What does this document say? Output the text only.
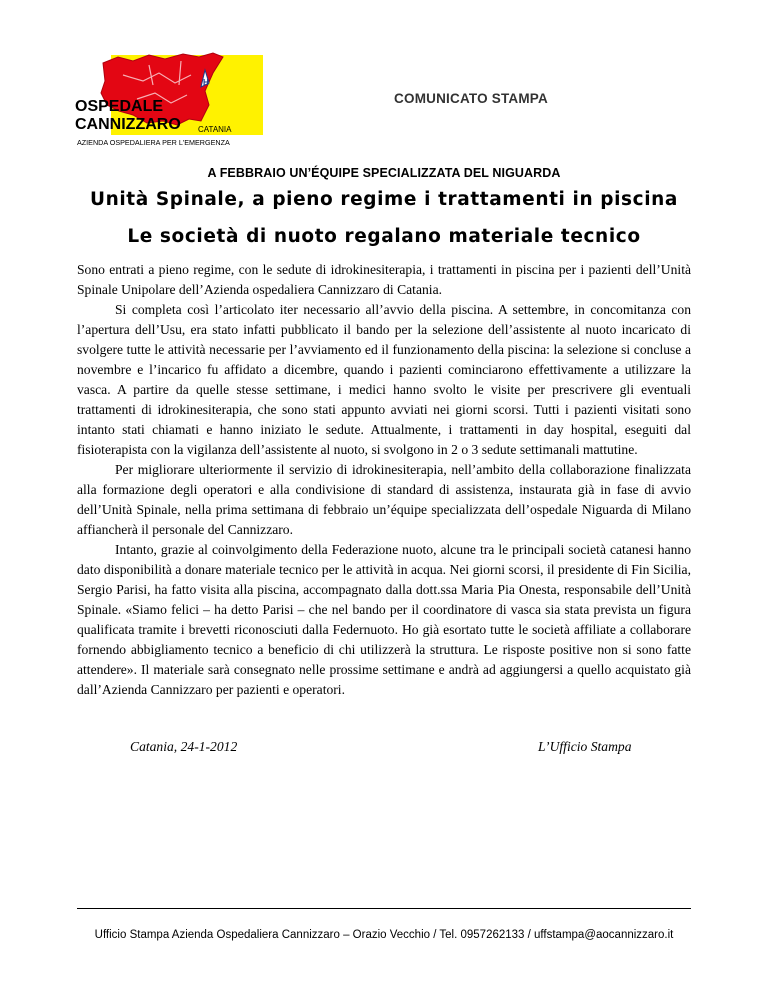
H
OSPEDALE
CANNIZZARO CATANIA
AZIENDA OSPEDALIERA PER L'EMERGENZA
COMUNICATO STAMPA
A FEBBRAIO UN’ÉQUIPE SPECIALIZZATA DEL NIGUARDA
Unità Spinale, a pieno regime i trattamenti in piscina
Le società di nuoto regalano materiale tecnico

Sono entrati a pieno regime, con le sedute di idrokinesiterapia, i trattamenti in piscina per i pazienti dell’Unità Spinale Unipolare dell’Azienda ospedaliera Cannizzaro di Catania.

Si completa così l’articolato iter necessario all’avvio della piscina. A settembre, in concomitanza con l’apertura dell’Usu, era stato infatti pubblicato il bando per la selezione dell’assistente al nuoto incaricato di svolgere tutte le attività necessarie per l’avviamento ed il funzionamento della piscina: la selezione si concluse a novembre e l’incarico fu affidato a dicembre, quando i pazienti cominciarono effettivamente a utilizzare la vasca. A partire da quelle stesse settimane, i medici hanno svolto le visite per prescrivere gli eventuali trattamenti di idrokinesiterapia, che sono stati appunto avviati nei giorni scorsi. Tutti i pazienti visitati sono intanto stati chiamati e hanno iniziato le sedute. Attualmente, i trattamenti in day hospital, eseguiti dal fisioterapista con la vigilanza dell’assistente al nuoto, si svolgono in 2 o 3 sedute settimanali mattutine.

Per migliorare ulteriormente il servizio di idrokinesiterapia, nell’ambito della collaborazione finalizzata alla formazione degli operatori e alla condivisione di standard di assistenza, instaurata già in fase di avvio dell’Unità Spinale, nella prima settimana di febbraio un’équipe specializzata dell’ospedale Niguarda di Milano affiancherà il personale del Cannizzaro.

Intanto, grazie al coinvolgimento della Federazione nuoto, alcune tra le principali società catanesi hanno dato disponibilità a donare materiale tecnico per le attività in acqua. Nei giorni scorsi, il presidente di Fin Sicilia, Sergio Parisi, ha fatto visita alla piscina, accompagnato dalla dott.ssa Maria Pia Onesta, responsabile dell’Unità Spinale. «Siamo felici – ha detto Parisi – che nel bando per il coordinatore di vasca sia stata prevista un figura qualificata tramite i brevetti riconosciuti dalla Federnuoto. Ho già esortato tutte le società affiliate a collaborare fornendo abbigliamento tecnico a beneficio di chi utilizzerà la struttura. Le risposte positive non si sono fatte attendere». Il materiale sarà consegnato nelle prossime settimane e andrà ad aggiungersi a quello acquistato già dall’Azienda Cannizzaro per pazienti e operatori.

Catania, 24-1-2012	L’Ufficio Stampa
Ufficio Stampa Azienda Ospedaliera Cannizzaro – Orazio Vecchio / Tel. 0957262133 / uffstampa@aocannizzaro.it
